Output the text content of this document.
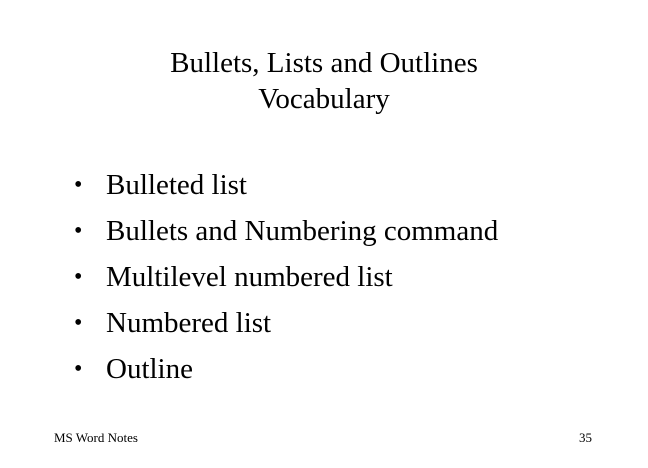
Bullets, Lists and Outlines
Vocabulary
• Bulleted list
• Bullets and Numbering command
• Multilevel numbered list
• Numbered list
• Outline
MS Word Notes	35
